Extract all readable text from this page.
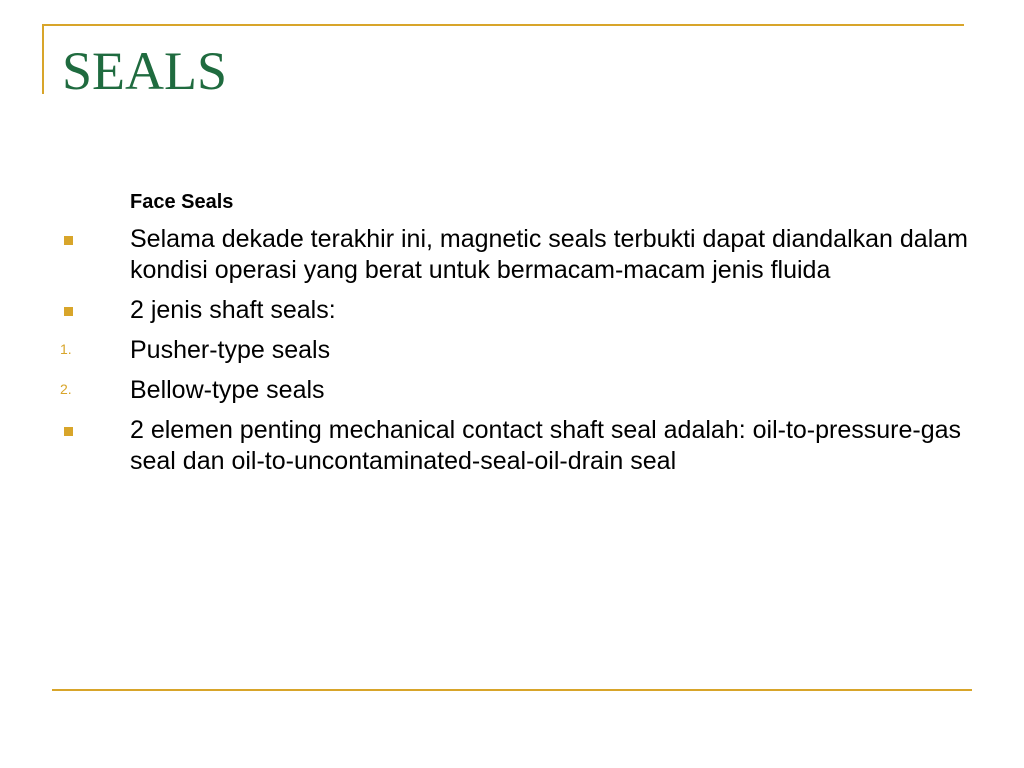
SEALS
Face Seals
Selama dekade terakhir ini, magnetic seals terbukti dapat diandalkan dalam kondisi operasi yang berat untuk bermacam-macam jenis fluida
2 jenis shaft seals:
1. Pusher-type seals
2. Bellow-type seals
2 elemen penting mechanical contact shaft seal adalah: oil-to-pressure-gas seal dan oil-to-uncontaminated-seal-oil-drain seal
